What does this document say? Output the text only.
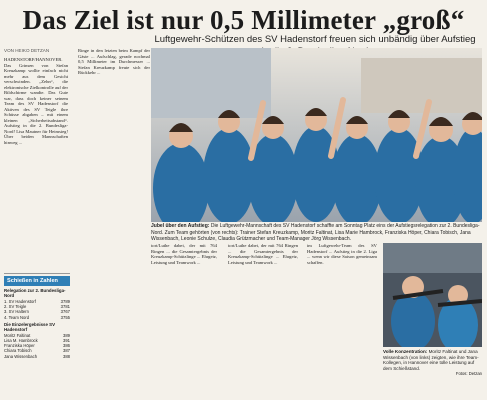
Das Ziel ist nur 0,5 Millimeter „groß“
Luftgewehr-Schützen des SV Hadenstorf freuen sich unbändig über Aufstieg
VON HEIKO DETZAN

HADENSTORF/HANNOVER. Das Grinsen von Stefan Kreuzkamp wollte einfach nicht mehr aus dem Gesicht verschwinden. „Zehn“, die elektronische Zielkontrolle auf der Bildschirme wandte. Das Gute war, dass doch keiner seinem Team des SV Hadenstorf die Aktiven des SV Teigle ihre Schüsse abgaben – mit einem kleinen „Sicherheitsabstand“. Aufstieg in die 2. Bundesliga-Nord! Lisa Mautner für Heimsieg! Über beiden Mannschaften hinweg ...

Ringe in den letzten beim Kampf der Gäste ... Aufschlag, gerade nochmal 0,5 Millimeter im Durchmesser ... Stefan Kreuzkamp freute sich der Rückkehr ...

Jubel über den Aufstieg: Die Luftgewehr-Mannschaft des SV Hadenstorf schaffte am Sonntag Platz eins der Aufstiegsrelegation zur 2. Bundesliga-Nord. Zum Team gehörten (von rechts): Trainer Stefan Kreuzkamp, Moritz Faltinat, Lisa Marie Hambrock, Franziska Höper, Chiara Tobisch, Jana Wissenbach, Leonie Schulze, Claudia Grützmacher und Team-Manager Jörg Wissenbach.

tort/Luthe dabei, der mit 764 Ringen ... die Gesamtergebnis der Kreuzkamp-Schützlinge ... Ehrgeiz, Leistung und Teamwork ...

tort/Luthe dabei, der mit 764 Ringen ... die Gesamtergebnis der Kreuzkamp-Schützlinge ... Ehrgeiz, Leistung und Teamwork ...

im Luftgewehr-Team des SV Hadenstorf ... Aufstieg in die 2. Liga ... wenn wir diese Saison gemeinsam schaffen.

Volle Konzentration: Moritz Faltinat und Jana Wissenbach (von links) zeigten, wie ihre Team-Kollegen, in Hannover eine tolle Leistung auf dem Schießstand.
Fotos: Detzan
Schießen in Zahlen
Relegation zur 2. Bundesliga-Nord
1. SV Hadenstorf	3789
2. SV Teigle	3781
3. SV Haltern	3767
4. Team Nord	3755
Die Einzelergebnisse SV Hadenstorf
Moritz Faltinat	389
Lisa M. Hambrock	391
Franziska Höper	386
Chiara Tobisch	387
Jana Wissenbach	388
